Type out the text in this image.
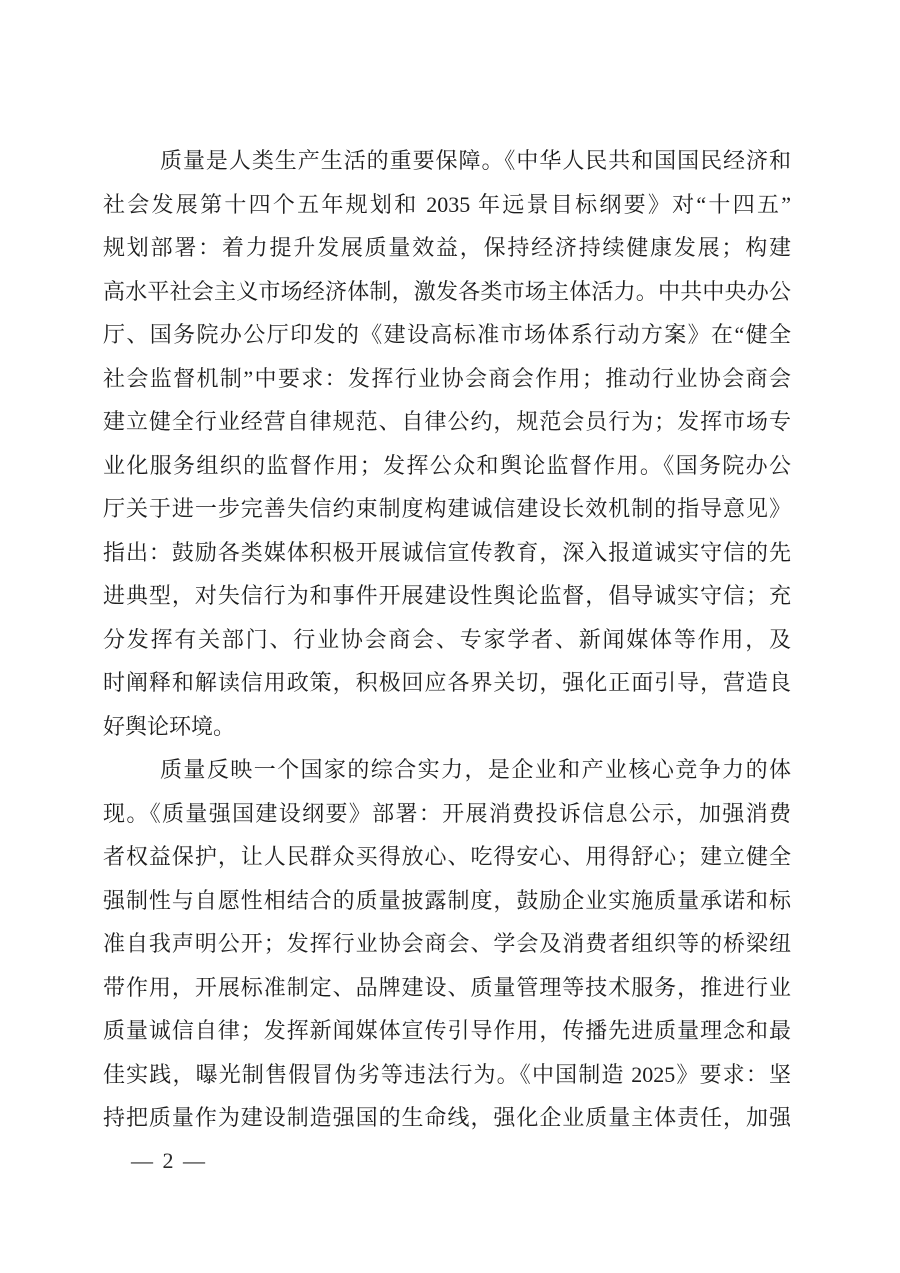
质量是人类生产生活的重要保障。《中华人民共和国国民经济和
社会发展第十四个五年规划和 2035 年远景目标纲要》对“十四五”
规划部署：着力提升发展质量效益，保持经济持续健康发展；构建
高水平社会主义市场经济体制，激发各类市场主体活力。中共中央办公
厅、国务院办公厅印发的《建设高标准市场体系行动方案》在“健全
社会监督机制”中要求：发挥行业协会商会作用；推动行业协会商会
建立健全行业经营自律规范、自律公约，规范会员行为；发挥市场专
业化服务组织的监督作用；发挥公众和舆论监督作用。《国务院办公
厅关于进一步完善失信约束制度构建诚信建设长效机制的指导意见》
指出：鼓励各类媒体积极开展诚信宣传教育，深入报道诚实守信的先
进典型，对失信行为和事件开展建设性舆论监督，倡导诚实守信；充
分发挥有关部门、行业协会商会、专家学者、新闻媒体等作用，及
时阐释和解读信用政策，积极回应各界关切，强化正面引导，营造良
好舆论环境。
质量反映一个国家的综合实力，是企业和产业核心竞争力的体
现。《质量强国建设纲要》部署：开展消费投诉信息公示，加强消费
者权益保护，让人民群众买得放心、吃得安心、用得舒心；建立健全
强制性与自愿性相结合的质量披露制度，鼓励企业实施质量承诺和标
准自我声明公开；发挥行业协会商会、学会及消费者组织等的桥梁纽
带作用，开展标准制定、品牌建设、质量管理等技术服务，推进行业
质量诚信自律；发挥新闻媒体宣传引导作用，传播先进质量理念和最
佳实践，曝光制售假冒伪劣等违法行为。《中国制造 2025》要求：坚
持把质量作为建设制造强国的生命线，强化企业质量主体责任，加强
— 2 —
